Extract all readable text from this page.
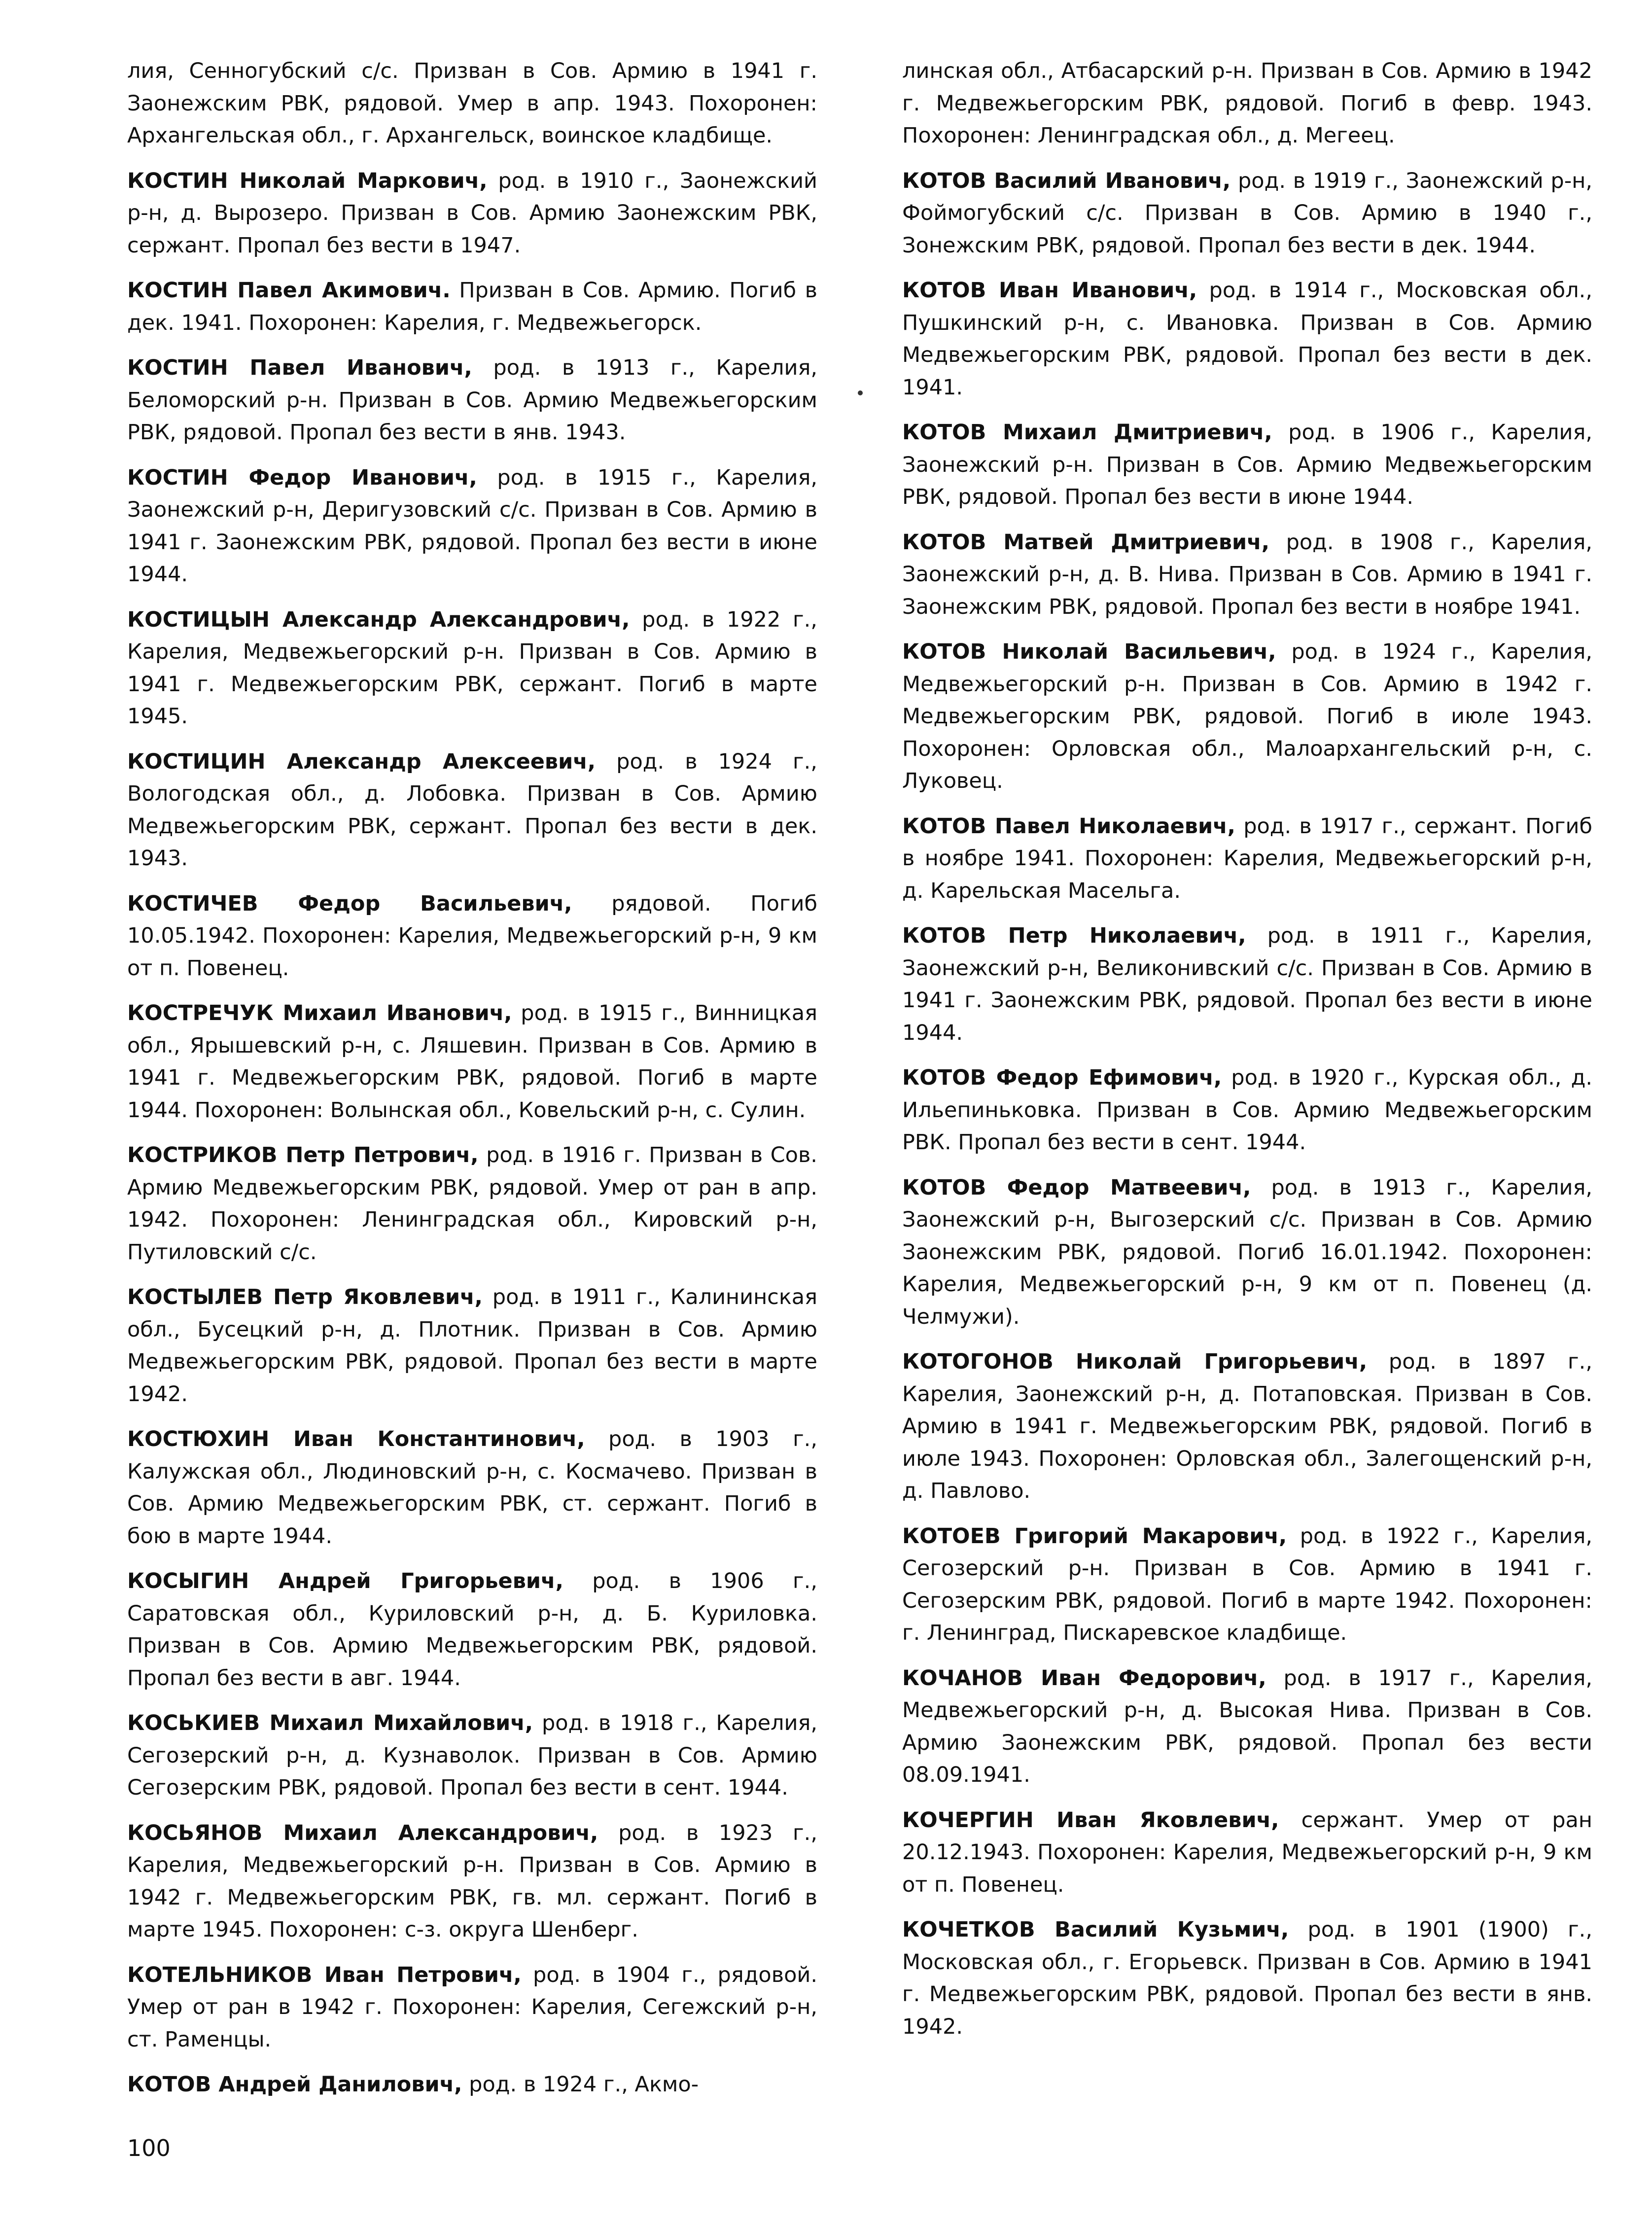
лия, Сенногубский с/с. Призван в Сов. Армию в 1941 г. Заонежским РВК, рядовой. Умер в апр. 1943. Похоронен: Архангельская обл., г. Архангельск, воинское кладбище.

КОСТИН Николай Маркович, род. в 1910 г., Заонежский р-н, д. Вырозеро. Призван в Сов. Армию Заонежским РВК, сержант. Пропал без вести в 1947.

КОСТИН Павел Акимович. Призван в Сов. Армию. Погиб в дек. 1941. Похоронен: Карелия, г. Медвежьегорск.

КОСТИН Павел Иванович, род. в 1913 г., Карелия, Беломорский р-н. Призван в Сов. Армию Медвежьегорским РВК, рядовой. Пропал без вести в янв. 1943.

КОСТИН Федор Иванович, род. в 1915 г., Карелия, Заонежский р-н, Деригузовский с/с. Призван в Сов. Армию в 1941 г. Заонежским РВК, рядовой. Пропал без вести в июне 1944.

КОСТИЦЫН Александр Александрович, род. в 1922 г., Карелия, Медвежьегорский р-н. Призван в Сов. Армию в 1941 г. Медвежьегорским РВК, сержант. Погиб в марте 1945.

КОСТИЦИН Александр Алексеевич, род. в 1924 г., Вологодская обл., д. Лобовка. Призван в Сов. Армию Медвежьегорским РВК, сержант. Пропал без вести в дек. 1943.

КОСТИЧЕВ Федор Васильевич, рядовой. Погиб 10.05.1942. Похоронен: Карелия, Медвежьегорский р-н, 9 км от п. Повенец.

КОСТРЕЧУК Михаил Иванович, род. в 1915 г., Винницкая обл., Ярышевский р-н, с. Ляшевин. Призван в Сов. Армию в 1941 г. Медвежьегорским РВК, рядовой. Погиб в марте 1944. Похоронен: Волынская обл., Ковельский р-н, с. Сулин.

КОСТРИКОВ Петр Петрович, род. в 1916 г. Призван в Сов. Армию Медвежьегорским РВК, рядовой. Умер от ран в апр. 1942. Похоронен: Ленинградская обл., Кировский р-н, Путиловский с/с.

КОСТЫЛЕВ Петр Яковлевич, род. в 1911 г., Калининская обл., Бусецкий р-н, д. Плотник. Призван в Сов. Армию Медвежьегорским РВК, рядовой. Пропал без вести в марте 1942.

КОСТЮХИН Иван Константинович, род. в 1903 г., Калужская обл., Людиновский р-н, с. Космачево. Призван в Сов. Армию Медвежьегорским РВК, ст. сержант. Погиб в бою в марте 1944.

КОСЫГИН Андрей Григорьевич, род. в 1906 г., Саратовская обл., Куриловский р-н, д. Б. Куриловка. Призван в Сов. Армию Медвежьегорским РВК, рядовой. Пропал без вести в авг. 1944.

КОСЬКИЕВ Михаил Михайлович, род. в 1918 г., Карелия, Сегозерский р-н, д. Кузнаволок. Призван в Сов. Армию Сегозерским РВК, рядовой. Пропал без вести в сент. 1944.

КОСЬЯНОВ Михаил Александрович, род. в 1923 г., Карелия, Медвежьегорский р-н. Призван в Сов. Армию в 1942 г. Медвежьегорским РВК, гв. мл. сержант. Погиб в марте 1945. Похоронен: с-з. округа Шенберг.

КОТЕЛЬНИКОВ Иван Петрович, род. в 1904 г., рядовой. Умер от ран в 1942 г. Похоронен: Карелия, Сегежский р-н, ст. Раменцы.

КОТОВ Андрей Данилович, род. в 1924 г., Акмо-

линская обл., Атбасарский р-н. Призван в Сов. Армию в 1942 г. Медвежьегорским РВК, рядовой. Погиб в февр. 1943. Похоронен: Ленинградская обл., д. Мегеец.

КОТОВ Василий Иванович, род. в 1919 г., Заонежский р-н, Фоймогубский с/с. Призван в Сов. Армию в 1940 г., Зонежским РВК, рядовой. Пропал без вести в дек. 1944.

КОТОВ Иван Иванович, род. в 1914 г., Московская обл., Пушкинский р-н, с. Ивановка. Призван в Сов. Армию Медвежьегорским РВК, рядовой. Пропал без вести в дек. 1941.

КОТОВ Михаил Дмитриевич, род. в 1906 г., Карелия, Заонежский р-н. Призван в Сов. Армию Медвежьегорским РВК, рядовой. Пропал без вести в июне 1944.

КОТОВ Матвей Дмитриевич, род. в 1908 г., Карелия, Заонежский р-н, д. В. Нива. Призван в Сов. Армию в 1941 г. Заонежским РВК, рядовой. Пропал без вести в ноябре 1941.

КОТОВ Николай Васильевич, род. в 1924 г., Карелия, Медвежьегорский р-н. Призван в Сов. Армию в 1942 г. Медвежьегорским РВК, рядовой. Погиб в июле 1943. Похоронен: Орловская обл., Малоархангельский р-н, с. Луковец.

КОТОВ Павел Николаевич, род. в 1917 г., сержант. Погиб в ноябре 1941. Похоронен: Карелия, Медвежьегорский р-н, д. Карельская Масельга.

КОТОВ Петр Николаевич, род. в 1911 г., Карелия, Заонежский р-н, Великонивский с/с. Призван в Сов. Армию в 1941 г. Заонежским РВК, рядовой. Пропал без вести в июне 1944.

КОТОВ Федор Ефимович, род. в 1920 г., Курская обл., д. Ильепиньковка. Призван в Сов. Армию Медвежьегорским РВК. Пропал без вести в сент. 1944.

КОТОВ Федор Матвеевич, род. в 1913 г., Карелия, Заонежский р-н, Выгозерский с/с. Призван в Сов. Армию Заонежским РВК, рядовой. Погиб 16.01.1942. Похоронен: Карелия, Медвежьегорский р-н, 9 км от п. Повенец (д. Челмужи).

КОТОГОНОВ Николай Григорьевич, род. в 1897 г., Карелия, Заонежский р-н, д. Потаповская. Призван в Сов. Армию в 1941 г. Медвежьегорским РВК, рядовой. Погиб в июле 1943. Похоронен: Орловская обл., Залегощенский р-н, д. Павлово.

КОТОЕВ Григорий Макарович, род. в 1922 г., Карелия, Сегозерский р-н. Призван в Сов. Армию в 1941 г. Сегозерским РВК, рядовой. Погиб в марте 1942. Похоронен: г. Ленинград, Пискаревское кладбище.

КОЧАНОВ Иван Федорович, род. в 1917 г., Карелия, Медвежьегорский р-н, д. Высокая Нива. Призван в Сов. Армию Заонежским РВК, рядовой. Пропал без вести 08.09.1941.

КОЧЕРГИН Иван Яковлевич, сержант. Умер от ран 20.12.1943. Похоронен: Карелия, Медвежьегорский р-н, 9 км от п. Повенец.

КОЧЕТКОВ Василий Кузьмич, род. в 1901 (1900) г., Московская обл., г. Егорьевск. Призван в Сов. Армию в 1941 г. Медвежьегорским РВК, рядовой. Пропал без вести в янв. 1942.

100
